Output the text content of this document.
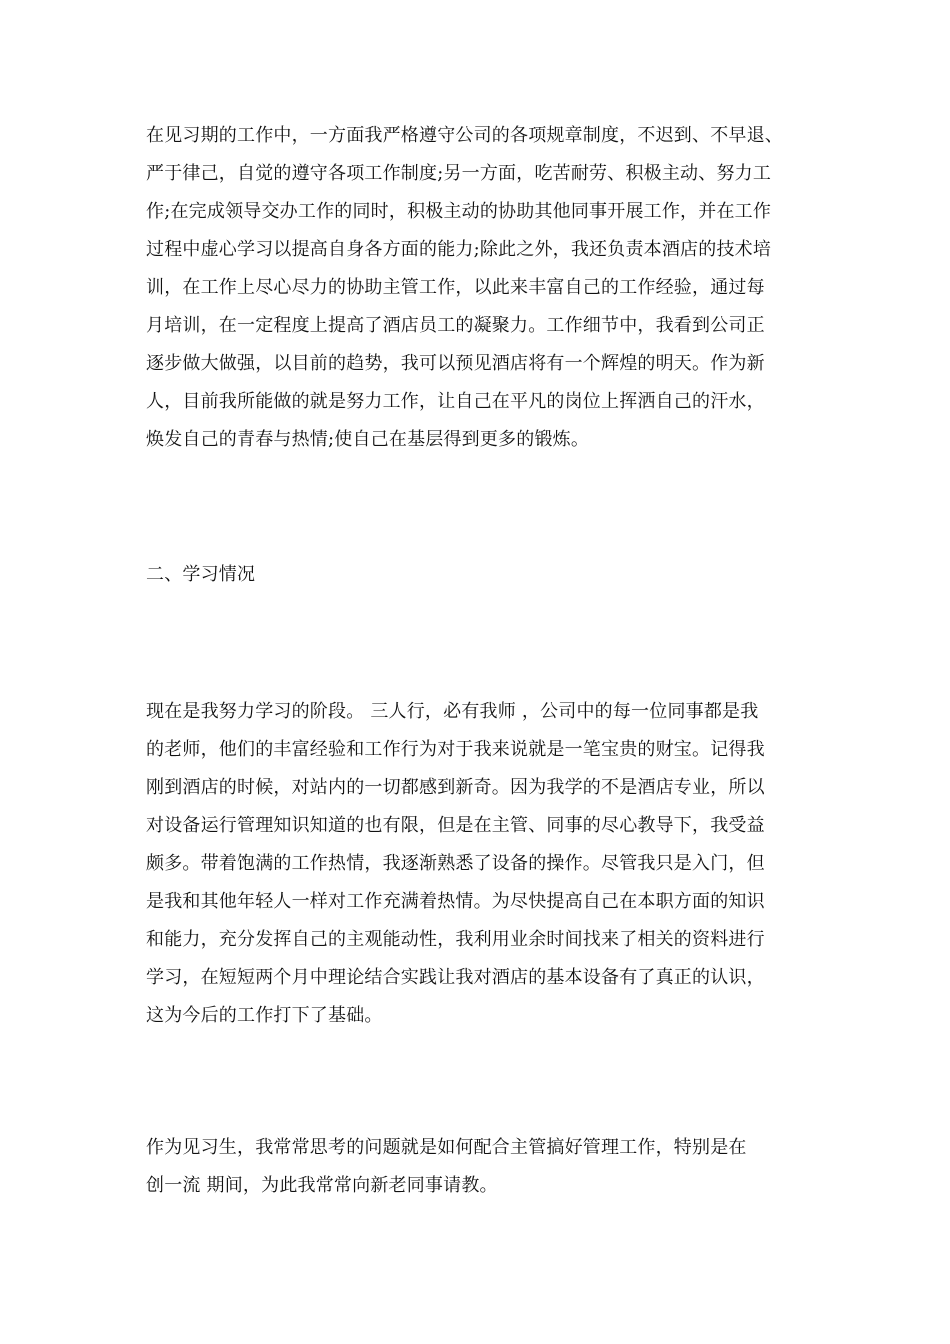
在见习期的工作中，一方面我严格遵守公司的各项规章制度，不迟到、不早退、
严于律己，自觉的遵守各项工作制度;另一方面，吃苦耐劳、积极主动、努力工
作;在完成领导交办工作的同时，积极主动的协助其他同事开展工作，并在工作
过程中虚心学习以提高自身各方面的能力;除此之外，我还负责本酒店的技术培
训，在工作上尽心尽力的协助主管工作，以此来丰富自己的工作经验，通过每
月培训，在一定程度上提高了酒店员工的凝聚力。工作细节中，我看到公司正
逐步做大做强，以目前的趋势，我可以预见酒店将有一个辉煌的明天。作为新
人，目前我所能做的就是努力工作，让自己在平凡的岗位上挥洒自己的汗水，
焕发自己的青春与热情;使自己在基层得到更多的锻炼。
二、学习情况
现在是我努力学习的阶段。 三人行，必有我师 ，公司中的每一位同事都是我
的老师，他们的丰富经验和工作行为对于我来说就是一笔宝贵的财宝。记得我
刚到酒店的时候，对站内的一切都感到新奇。因为我学的不是酒店专业，所以
对设备运行管理知识知道的也有限，但是在主管、同事的尽心教导下，我受益
颇多。带着饱满的工作热情，我逐渐熟悉了设备的操作。尽管我只是入门，但
是我和其他年轻人一样对工作充满着热情。为尽快提高自己在本职方面的知识
和能力，充分发挥自己的主观能动性，我利用业余时间找来了相关的资料进行
学习，在短短两个月中理论结合实践让我对酒店的基本设备有了真正的认识，
这为今后的工作打下了基础。
作为见习生，我常常思考的问题就是如何配合主管搞好管理工作，特别是在
创一流 期间，为此我常常向新老同事请教。
